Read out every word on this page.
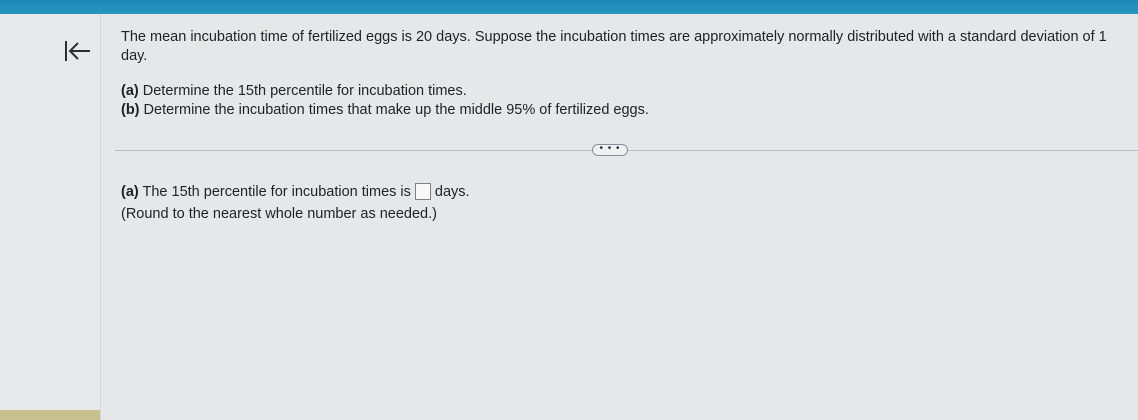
The mean incubation time of fertilized eggs is 20 days. Suppose the incubation times are approximately normally distributed with a standard deviation of 1 day.
(a) Determine the 15th percentile for incubation times.
(b) Determine the incubation times that make up the middle 95% of fertilized eggs.
• • •
(a) The 15th percentile for incubation times is days.
(Round to the nearest whole number as needed.)
